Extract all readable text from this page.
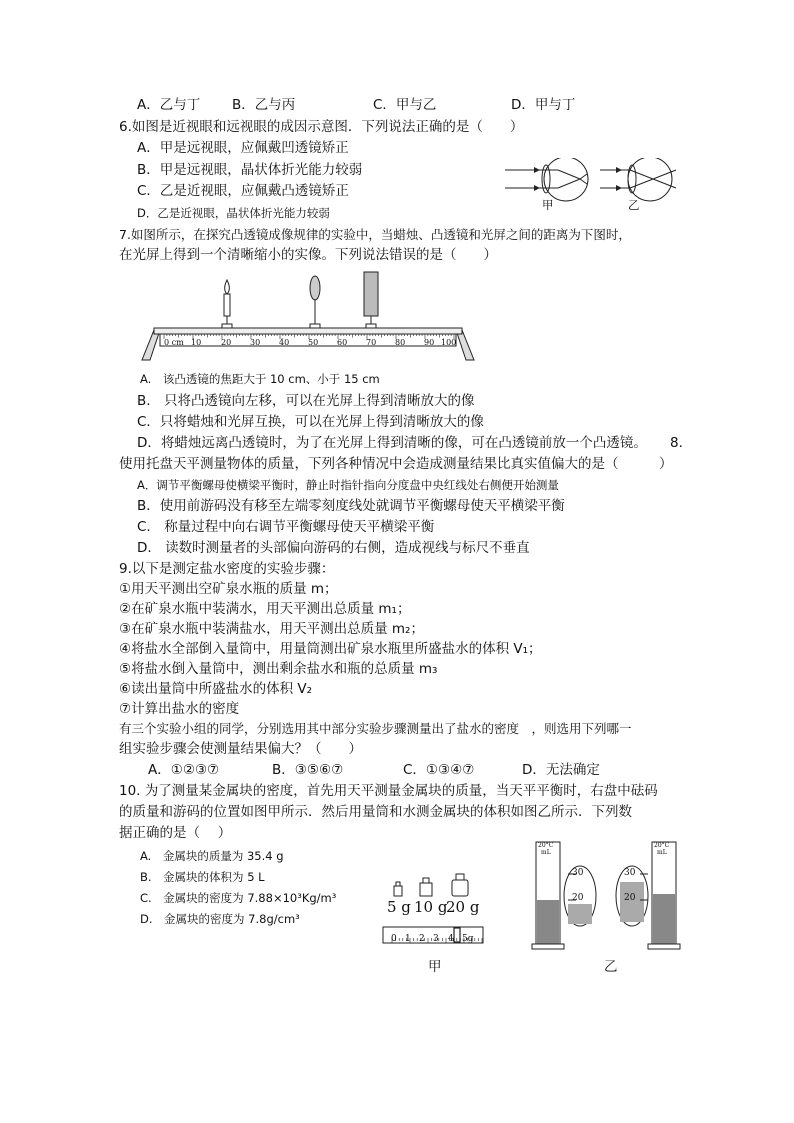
A．乙与丁 B．乙与丙	C．甲与乙	D．甲与丁
6.如图是近视眼和远视眼的成因示意图．下列说法正确的是（　　）
A．甲是远视眼，应佩戴凹透镜矫正
B．甲是远视眼，晶状体折光能力较弱
C．乙是近视眼，应佩戴凸透镜矫正
D．乙是近视眼，晶状体折光能力较弱
甲	乙
7.如图所示，在探究凸透镜成像规律的实验中，当蜡烛、凸透镜和光屏之间的距离为下图时，
在光屏上得到一个清晰缩小的实像。下列说法错误的是（　　）
0 cm 10 20 30 40 50 60 70 80 90 100
A.　该凸透镜的焦距大于 10 cm、小于 15 cm
B.　只将凸透镜向左移，可以在光屏上得到清晰放大的像
C．只将蜡烛和光屏互换，可以在光屏上得到清晰放大的像
D．将蜡烛远离凸透镜时，为了在光屏上得到清晰的像，可在凸透镜前放一个凸透镜。 8.
使用托盘天平测量物体的质量，下列各种情况中会造成测量结果比真实值偏大的是（　　　）
A．调节平衡螺母使横梁平衡时，静止时指针指向分度盘中央红线处右侧便开始测量
B．使用前游码没有移至左端零刻度线处就调节平衡螺母使天平横梁平衡
C.　称量过程中向右调节平衡螺母使天平横梁平衡
D.　读数时测量者的头部偏向游码的右侧，造成视线与标尺不垂直
9.以下是测定盐水密度的实验步骤：
①用天平测出空矿泉水瓶的质量 m；
②在矿泉水瓶中装满水，用天平测出总质量 m₁；
③在矿泉水瓶中装满盐水，用天平测出总质量 m₂；
④将盐水全部倒入量筒中，用量筒测出矿泉水瓶里所盛盐水的体积 V₁；
⑤将盐水倒入量筒中，测出剩余盐水和瓶的总质量 m₃
⑥读出量筒中所盛盐水的体积 V₂
⑦计算出盐水的密度
有三个实验小组的同学，分别选用其中部分实验步骤测量出了盐水的密度　，则选用下列哪一
组实验步骤会使测量结果偏大？（　　）
A．①②③⑦	B．③⑤⑥⑦	C．①③④⑦	D．无法确定
10. 为了测量某金属块的密度，首先用天平测量金属块的质量，当天平平衡时，右盘中砝码
的质量和游码的位置如图甲所示．然后用量筒和水测金属块的体积如图乙所示．下列数
据正确的是（　 ）
A.　金属块的质量为 35.4 g
B.　金属块的体积为 5 L
C.　金属块的密度为 7.88×10³Kg/m³
D.　金属块的密度为 7.8g/cm³
5 g 10 g
20 g
0 1 2 3 4 5g
甲
20°C
mL
20°C
mL
30
20
30
20
乙
